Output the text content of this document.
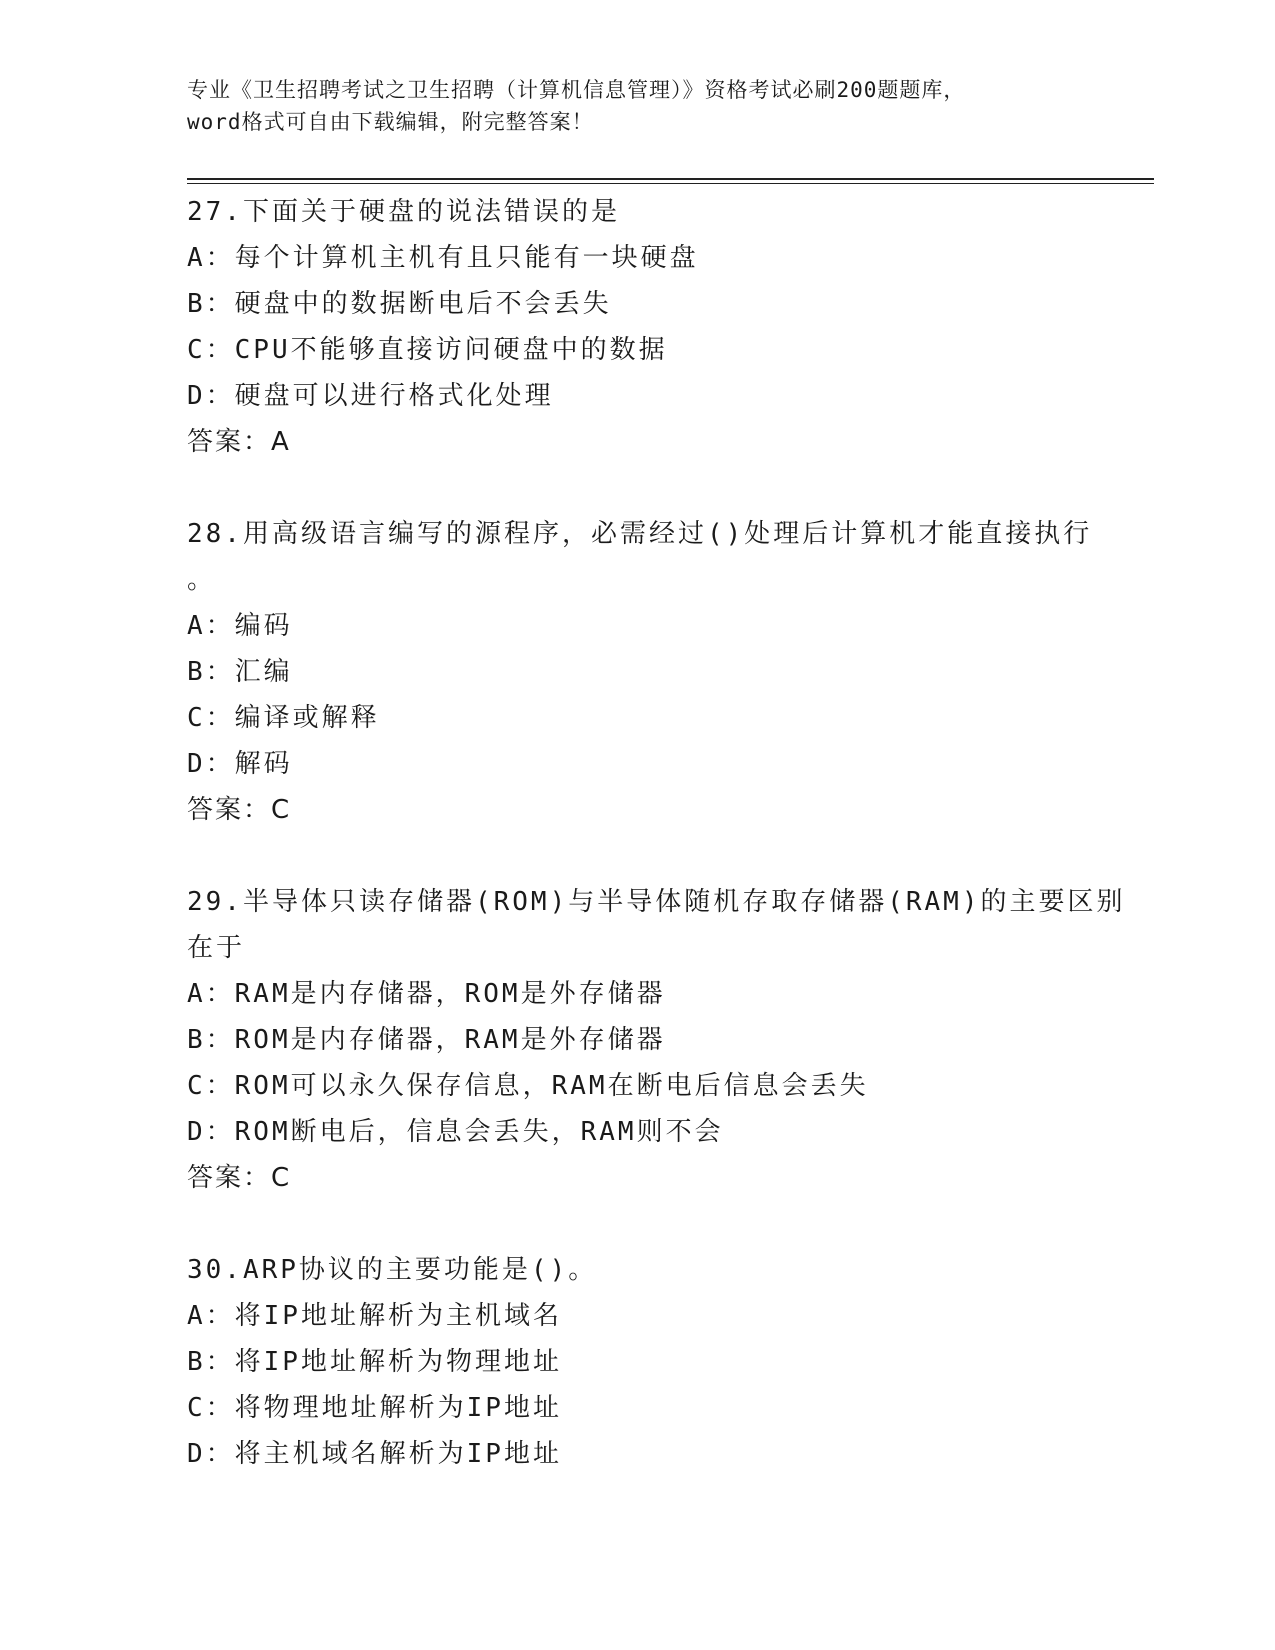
专业《卫生招聘考试之卫生招聘（计算机信息管理）》资格考试必刷200题题库，
word格式可自由下载编辑，附完整答案！
27.下面关于硬盘的说法错误的是
A：每个计算机主机有且只能有一块硬盘
B：硬盘中的数据断电后不会丢失
C：CPU不能够直接访问硬盘中的数据
D：硬盘可以进行格式化处理
答案：A
28.用高级语言编写的源程序，必需经过()处理后计算机才能直接执行
。
A：编码
B：汇编
C：编译或解释
D：解码
答案：C
29.半导体只读存储器(ROM)与半导体随机存取存储器(RAM)的主要区别
在于
A：RAM是内存储器，ROM是外存储器
B：ROM是内存储器，RAM是外存储器
C：ROM可以永久保存信息，RAM在断电后信息会丢失
D：ROM断电后，信息会丢失，RAM则不会
答案：C
30.ARP协议的主要功能是()。
A：将IP地址解析为主机域名
B：将IP地址解析为物理地址
C：将物理地址解析为IP地址
D：将主机域名解析为IP地址
